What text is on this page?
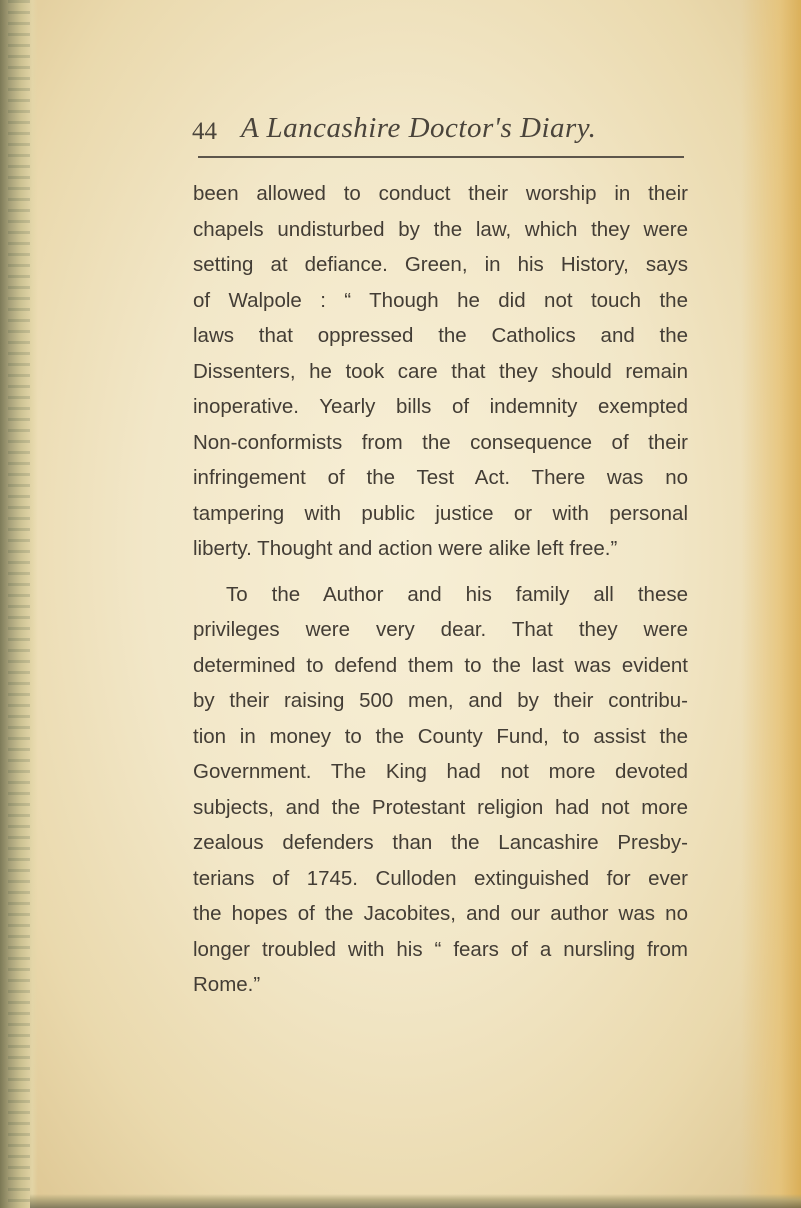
44 A Lancashire Doctor's Diary.
been allowed to conduct their worship in their
chapels undisturbed by the law, which they were
setting at defiance. Green, in his History, says
of Walpole : “ Though he did not touch the
laws that oppressed the Catholics and the
Dissenters, he took care that they should remain
inoperative. Yearly bills of indemnity exempted
Non-conformists from the consequence of their
infringement of the Test Act. There was no
tampering with public justice or with personal
liberty. Thought and action were alike left free.”
To the Author and his family all these
privileges were very dear. That they were
determined to defend them to the last was evident
by their raising 500 men, and by their contribu-
tion in money to the County Fund, to assist the
Government. The King had not more devoted
subjects, and the Protestant religion had not more
zealous defenders than the Lancashire Presby-
terians of 1745. Culloden extinguished for ever
the hopes of the Jacobites, and our author was no
longer troubled with his “ fears of a nursling from
Rome.”
